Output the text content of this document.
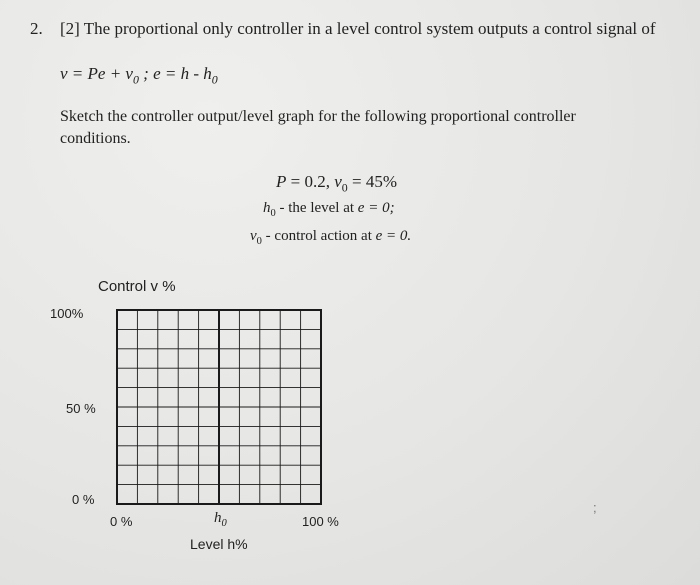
2. [2] The proportional only controller in a level control system outputs a control signal of
$v = Pe + v_0$ ; $e = h - h_0$
Sketch the controller output/level graph for the following proportional controller
conditions.
P = 0.2, $v_0 = 45\%$
$h_0$ - the level at e = 0;
$v_0$ - control action at e = 0.
Control v %
100%
50 %
0 %
0 %	$h_0$	100 %
Level h%
;
